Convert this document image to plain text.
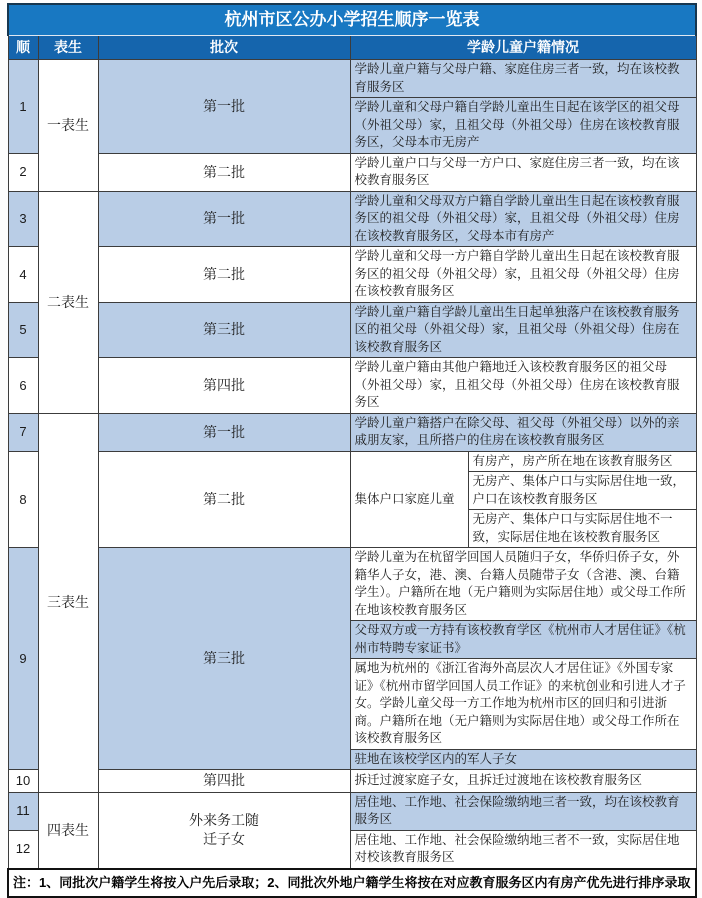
杭州市区公办小学招生顺序一览表				
顺	表生	批次	学龄儿童户籍情况	
1	一表生	第一批	学龄儿童户籍与父母户籍、家庭住房三者一致，均在该校教育服务区	
			学龄儿童和父母户籍自学龄儿童出生日起在该学区的祖父母（外祖父母）家，且祖父母（外祖父母）住房在该校教育服务区，父母本市无房产	
2		第二批	学龄儿童户口与父母一方户口、家庭住房三者一致，均在该校教育服务区	
3	二表生	第一批	学龄儿童和父母双方户籍自学龄儿童出生日起在该校教育服务区的祖父母（外祖父母）家，且祖父母（外祖父母）住房在该校教育服务区，父母本市有房产	
4		第二批	学龄儿童和父母一方户籍自学龄儿童出生日起在该校教育服务区的祖父母（外祖父母）家，且祖父母（外祖父母）住房在该校教育服务区	
5		第三批	学龄儿童户籍自学龄儿童出生日起单独落户在该校教育服务区的祖父母（外祖父母）家，且祖父母（外祖父母）住房在该校教育服务区	
6		第四批	学龄儿童户籍由其他户籍地迁入该校教育服务区的祖父母（外祖父母）家，且祖父母（外祖父母）住房在该校教育服务区	
7	三表生	第一批	学龄儿童户籍搭户在除父母、祖父母（外祖父母）以外的亲戚朋友家，且所搭户的住房在该校教育服务区	
8		第二批	集体户口家庭儿童	有房产，房产所在地在该教育服务区
				无房产、集体户口与实际居住地一致，户口在该校教育服务区
				无房产、集体户口与实际居住地不一致，实际居住地在该校教育服务区
9		第三批	学龄儿童为在杭留学回国人员随归子女，华侨归侨子女，外籍华人子女，港、澳、台籍人员随带子女（含港、澳、台籍学生）。户籍所在地（无户籍则为实际居住地）或父母工作所在地该校教育服务区	
			父母双方或一方持有该校教育学区《杭州市人才居住证》《杭州市特聘专家证书》	
			属地为杭州的《浙江省海外高层次人才居住证》《外国专家证》《杭州市留学回国人员工作证》的来杭创业和引进人才子女。学龄儿童父母一方工作地为杭州市区的回归和引进浙商。户籍所在地（无户籍则为实际居住地）或父母工作所在该校教育服务区	
			驻地在该校学区内的军人子女	
10		第四批	拆迁过渡家庭子女，且拆迁过渡地在该校教育服务区	
11	四表生	外来务工随迁子女	居住地、工作地、社会保险缴纳地三者一致，均在该校教育服务区	
12			居住地、工作地、社会保险缴纳地三者不一致，实际居住地对校该教育服务区	
注：1、同批次户籍学生将按入户先后录取；2、同批次外地户籍学生将按在对应教育服务区内有房产优先进行排序录取				
